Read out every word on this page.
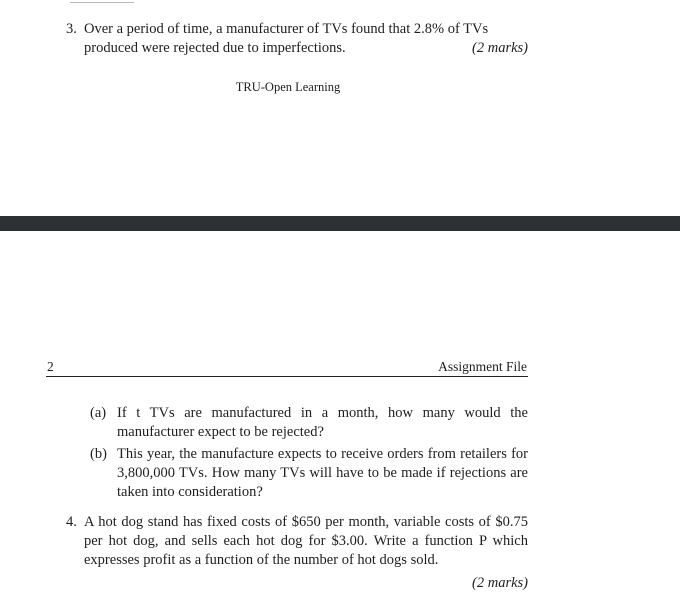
3. Over a period of time, a manufacturer of TVs found that 2.8% of TVs produced were rejected due to imperfections.	(2 marks)
TRU-Open Learning
2	Assignment File
(a) If t TVs are manufactured in a month, how many would the manufacturer expect to be rejected?
(b) This year, the manufacture expects to receive orders from retailers for 3,800,000 TVs. How many TVs will have to be made if rejections are taken into consideration?
4. A hot dog stand has fixed costs of $650 per month, variable costs of $0.75 per hot dog, and sells each hot dog for $3.00. Write a function P which expresses profit as a function of the number of hot dogs sold.
(2 marks)
